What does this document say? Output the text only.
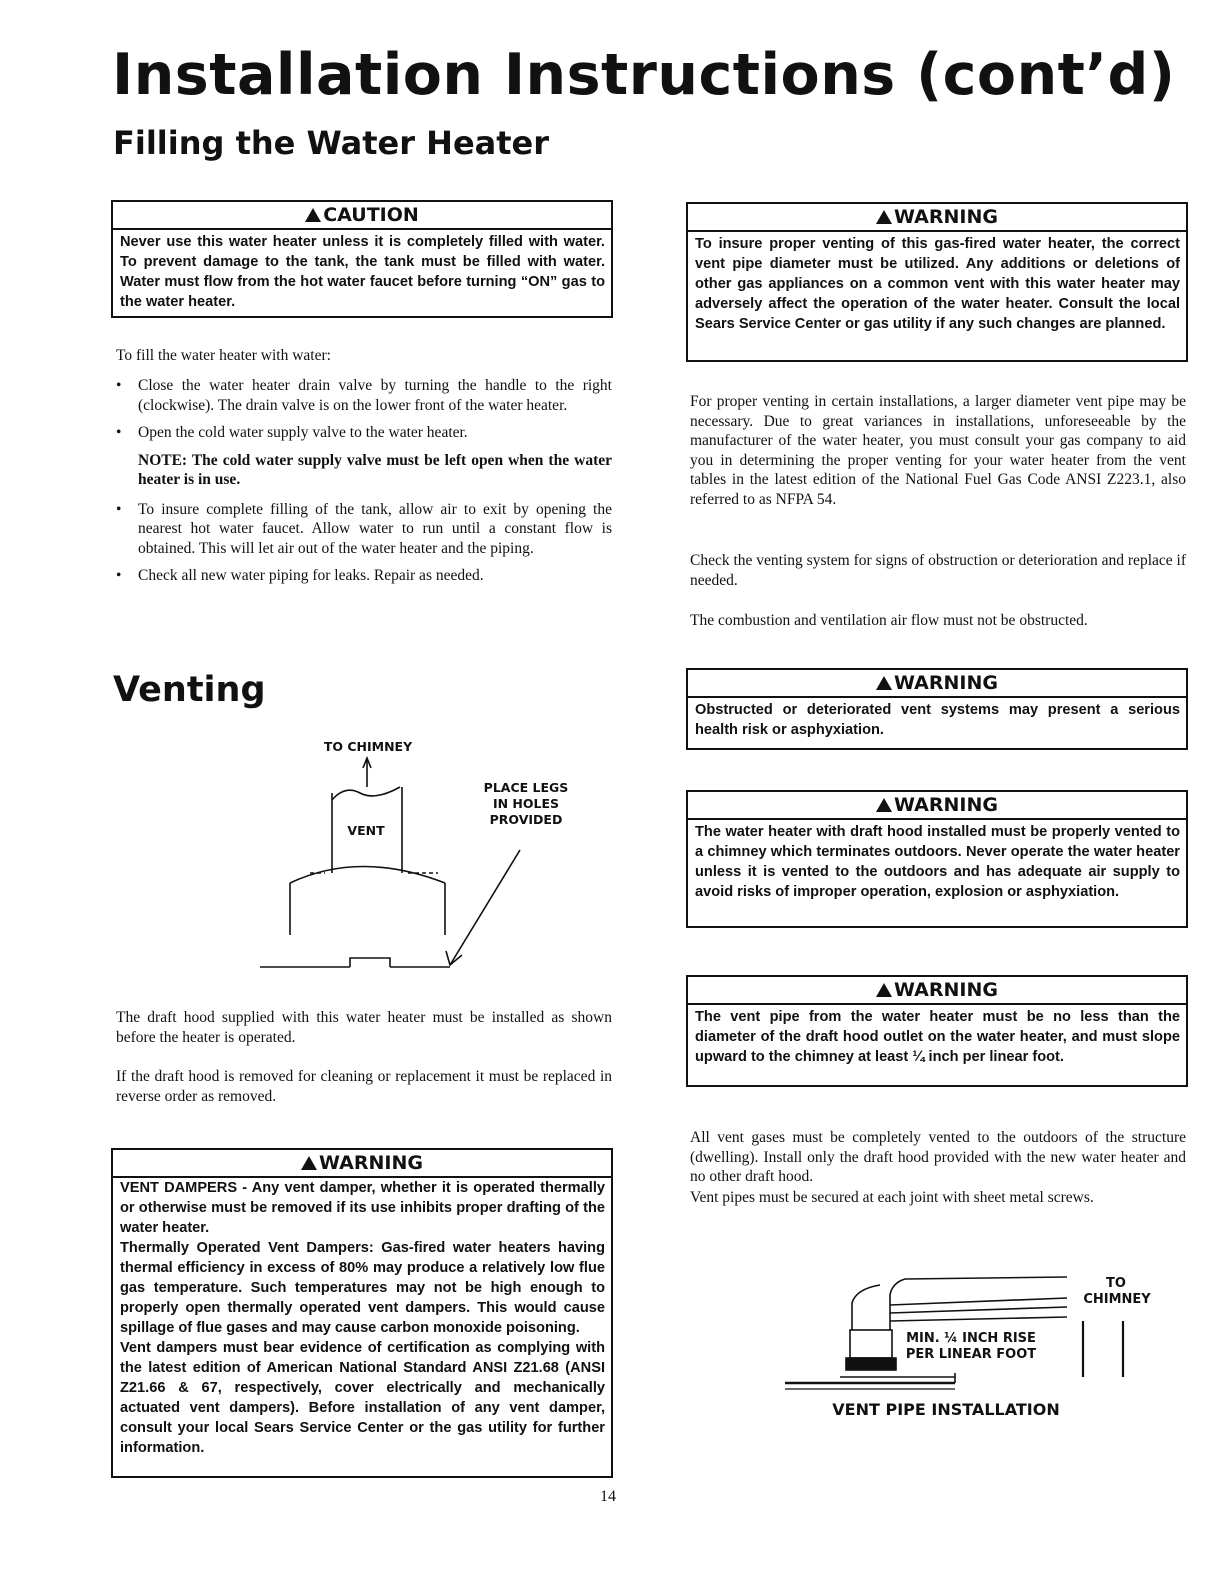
Installation Instructions (cont’d)
Filling the Water Heater
CAUTION
Never use this water heater unless it is completely filled with water. To prevent damage to the tank, the tank must be filled with water. Water must flow from the hot water faucet before turning “ON” gas to the water heater.

To fill the water heater with water:

• Close the water heater drain valve by turning the handle to the right (clockwise). The drain valve is on the lower front of the water heater.
• Open the cold water supply valve to the water heater.
NOTE: The cold water supply valve must be left open when the water heater is in use.
• To insure complete filling of the tank, allow air to exit by opening the nearest hot water faucet. Allow water to run until a constant flow is obtained. This will let air out of the water heater and the piping.
• Check all new water piping for leaks. Repair as needed.
Venting
TO CHIMNEY
VENT
PLACE LEGS IN HOLES PROVIDED

The draft hood supplied with this water heater must be installed as shown before the heater is operated.

If the draft hood is removed for cleaning or replacement it must be replaced in reverse order as removed.

WARNING
VENT DAMPERS - Any vent damper, whether it is operated thermally or otherwise must be removed if its use inhibits proper drafting of the water heater.
Thermally Operated Vent Dampers: Gas-fired water heaters having thermal efficiency in excess of 80% may produce a relatively low flue gas temperature. Such temperatures may not be high enough to properly open thermally operated vent dampers. This would cause spillage of flue gases and may cause carbon monoxide poisoning.
Vent dampers must bear evidence of certification as complying with the latest edition of American National Standard ANSI Z21.68 (ANSI Z21.66 & 67, respectively, cover electrically and mechanically actuated vent dampers). Before installation of any vent damper, consult your local Sears Service Center or the gas utility for further information.
WARNING
To insure proper venting of this gas-fired water heater, the correct vent pipe diameter must be utilized. Any additions or deletions of other gas appliances on a common vent with this water heater may adversely affect the operation of the water heater. Consult the local Sears Service Center or gas utility if any such changes are planned.

For proper venting in certain installations, a larger diameter vent pipe may be necessary. Due to great variances in installations, unforeseeable by the manufacturer of the water heater, you must consult your gas company to aid you in determining the proper venting for your water heater from the vent tables in the latest edition of the National Fuel Gas Code ANSI Z223.1, also referred to as NFPA 54.

Check the venting system for signs of obstruction or deterioration and replace if needed.

The combustion and ventilation air flow must not be obstructed.

WARNING
Obstructed or deteriorated vent systems may present a serious health risk or asphyxiation.
WARNING
The water heater with draft hood installed must be properly vented to a chimney which terminates outdoors. Never operate the water heater unless it is vented to the outdoors and has adequate air supply to avoid risks of improper operation, explosion or asphyxiation.
WARNING
The vent pipe from the water heater must be no less than the diameter of the draft hood outlet on the water heater, and must slope upward to the chimney at least ¼ inch per linear foot.

All vent gases must be completely vented to the outdoors of the structure (dwelling). Install only the draft hood provided with the new water heater and no other draft hood.

Vent pipes must be secured at each joint with sheet metal screws.

TO
CHIMNEY
MIN. ¼ INCH RISE PER LINEAR FOOT
VENT PIPE INSTALLATION
14
